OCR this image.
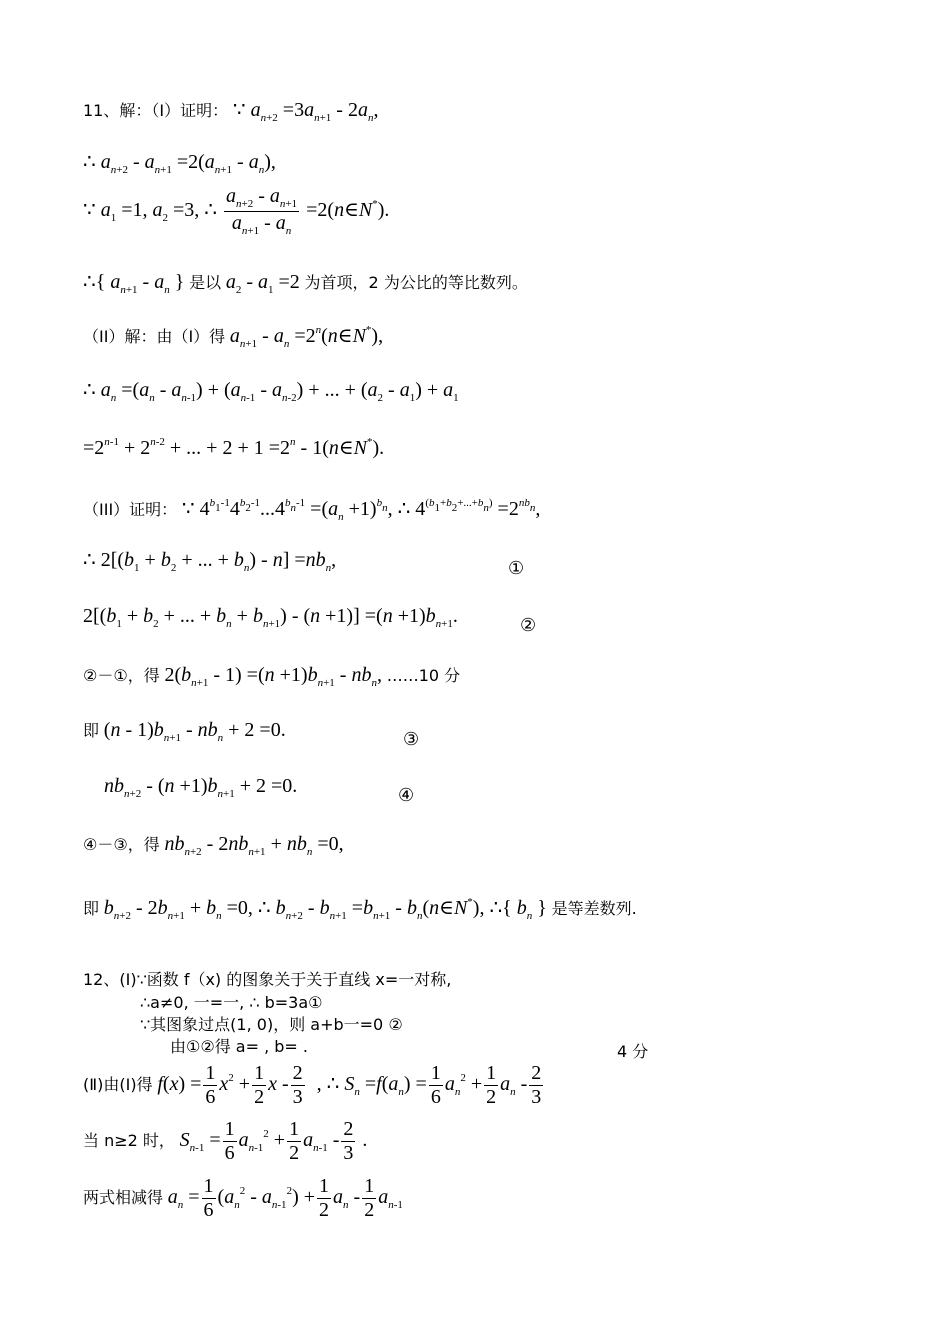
11、解：（I）证明： ∵ $a_{n+2} =3a_{n+1} - 2a_n$,
∴ $a_{n+2} - a_{n+1} =2(a_{n+1} - a_n)$,
∵ $a_1 =1$, $a_2 =3$, ∴ $\frac{a_{n+2} - a_{n+1}}{a_{n+1} - a_n}$ =2(n∈N*).
∴{ $a_{n+1} - a_n$ } 是以 $a_2 - a_1 =2$ 为首项，2 为公比的等比数列。
（II）解：由（I）得 $a_{n+1} - a_n$ $=2^n(n\in N^*)$,
∴ $a_n =(a_n - a_{n-1}) + (a_{n-1} - a_{n-2})$ + ... + $(a_2 - a_1) + a_1$
$=2^{n-1} + 2^{n-2}$ + ... + $2 + 1 =2^n$ - 1(n∈N*).
（III）证明： ∵ $4^{b_1-1}4^{b_2-1}...4^{b_n-1} =(a_n +1)^{b_n}$, ∴ $4^{(b_1+b_2+...+b_n)} =2^{nb_n}$,
∴ $2[(b_1 + b_2$ + ... + $b_n) - n] =nb_n$,	①
$2[(b_1 + b_2$ + ... + $b_n + b_{n+1}) - (n +1)] =(n +1)b_{n+1}$.	②
②－①，得 $2(b_{n+1} - 1) =(n +1)b_{n+1} - nb_n$, ……10 分
即 $(n - 1)b_{n+1} - nb_n + 2 =0$.	③
$nb_{n+2} - (n +1)b_{n+1} + 2 =0$.	④
④－③，得 $nb_{n+2} - 2nb_{n+1} + nb_n =0$,
即 $b_{n+2} - 2b_{n+1} + b_n =0$, ∴ $b_{n+2} - b_{n+1} =b_{n+1}$ - $b_n(n\in N^*)$, ∴{ $b_n$ } 是等差数列.
12、(Ⅰ)∵函数 f（x) 的图象关于关于直线 x=一对称,
∴a≠0, 一=一, ∴ b=3a①
∵其图象过点(1, 0)，则 a+b一=0 ②
由①②得 a= , b= .	4 分
(Ⅱ)由(Ⅰ)得 $f(x) = \frac{1}{6} x^2 + \frac{1}{2}$ x - $\frac{2}{3}$ , ∴ $S_n =f(a_n) = \frac{1}{6} a_n^2 + \frac{1}{2} a_n - \frac{2}{3}$
当 n≥2 时， $S_{n-1} = \frac{1}{6} a_{n-1}^2 + \frac{1}{2} a_{n-1} - \frac{2}{3}$ .
两式相减得 $a_n = \frac{1}{6} (a_n^2 - a_{n-1}^2) + \frac{1}{2} a_n - \frac{1}{2} a_{n-1}$
